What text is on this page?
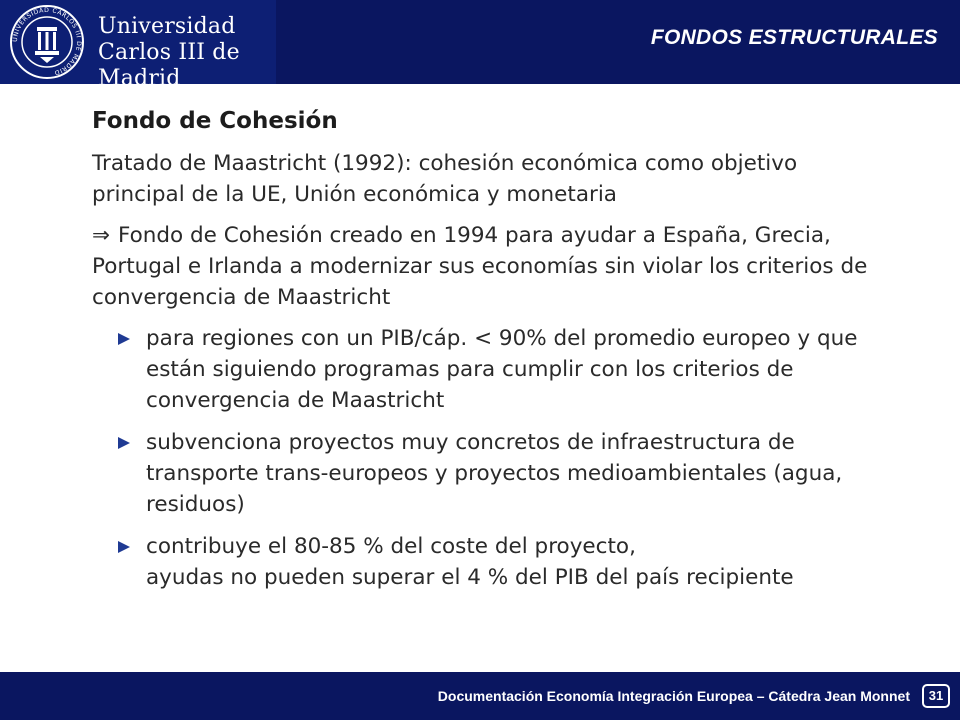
UNIVERSIDAD CARLOS III DE MADRID
Universidad
Carlos III de Madrid
FONDOS ESTRUCTURALES
Fondo de Cohesión

Tratado de Maastricht (1992): cohesión económica como objetivo principal de la UE, Unión económica y monetaria

⇒ Fondo de Cohesión creado en 1994 para ayudar a España, Grecia, Portugal e Irlanda a modernizar sus economías sin violar los criterios de convergencia de Maastricht

para regiones con un PIB/cáp. < 90% del promedio europeo y que están siguiendo programas para cumplir con los criterios de convergencia de Maastricht
subvenciona proyectos muy concretos de infraestructura de transporte trans-europeos y proyectos medioambientales (agua, residuos)
contribuye el 80-85 % del coste del proyecto,
ayudas no pueden superar el 4 % del PIB del país recipiente
Documentación Economía Integración Europea – Cátedra Jean Monnet	31
